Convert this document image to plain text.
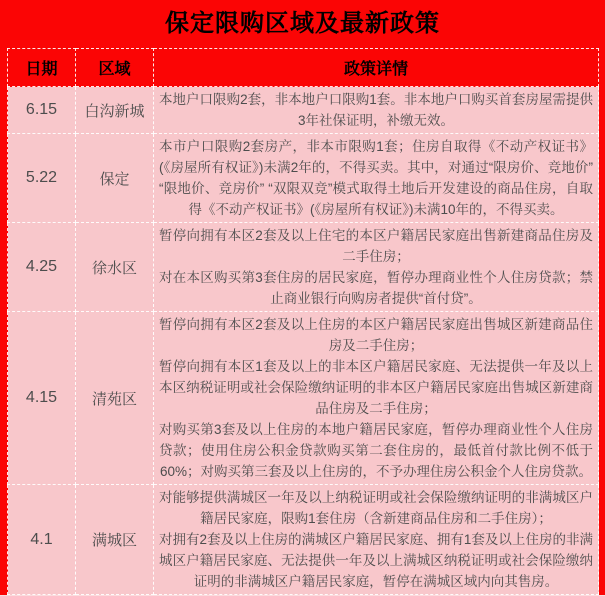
保定限购区域及最新政策
日期	区域	政策详情
6.15	白沟新城	本地户口限购2套，非本地户口限购1套。非本地户口购买首套房屋需提供3年社保证明，补缴无效。

5.22	保定	本市户口限购2套房产，非本市限购1套；住房自取得《不动产权证书》(《房屋所有权证》)未满2年的，不得买卖。其中，对通过“限房价、竞地价” “限地价、竞房价” “双限双竞”模式取得土地后开发建设的商品住房，自取得《不动产权证书》(《房屋所有权证》)未满10年的，不得买卖。

4.25	徐水区	暂停向拥有本区2套及以上住宅的本区户籍居民家庭出售新建商品住房及二手住房；
对在本区购买第3套住房的居民家庭，暂停办理商业性个人住房贷款；禁止商业银行向购房者提供“首付贷”。

4.15	清苑区	暂停向拥有本区2套及以上住房的本区户籍居民家庭出售城区新建商品住房及二手住房；
暂停向拥有本区1套及以上的非本区户籍居民家庭、无法提供一年及以上本区纳税证明或社会保险缴纳证明的非本区户籍居民家庭出售城区新建商品住房及二手住房；
对购买第3套及以上住房的本地户籍居民家庭，暂停办理商业性个人住房贷款；使用住房公积金贷款购买第二套住房的，最低首付款比例不低于60%；对购买第三套及以上住房的，不予办理住房公积金个人住房贷款。

4.1	满城区	对能够提供满城区一年及以上纳税证明或社会保险缴纳证明的非满城区户籍居民家庭，限购1套住房（含新建商品住房和二手住房）；
对拥有2套及以上住房的满城区户籍居民家庭、拥有1套及以上住房的非满城区户籍居民家庭、无法提供一年及以上满城区纳税证明或社会保险缴纳证明的非满城区户籍居民家庭，暂停在满城区域内向其售房。
